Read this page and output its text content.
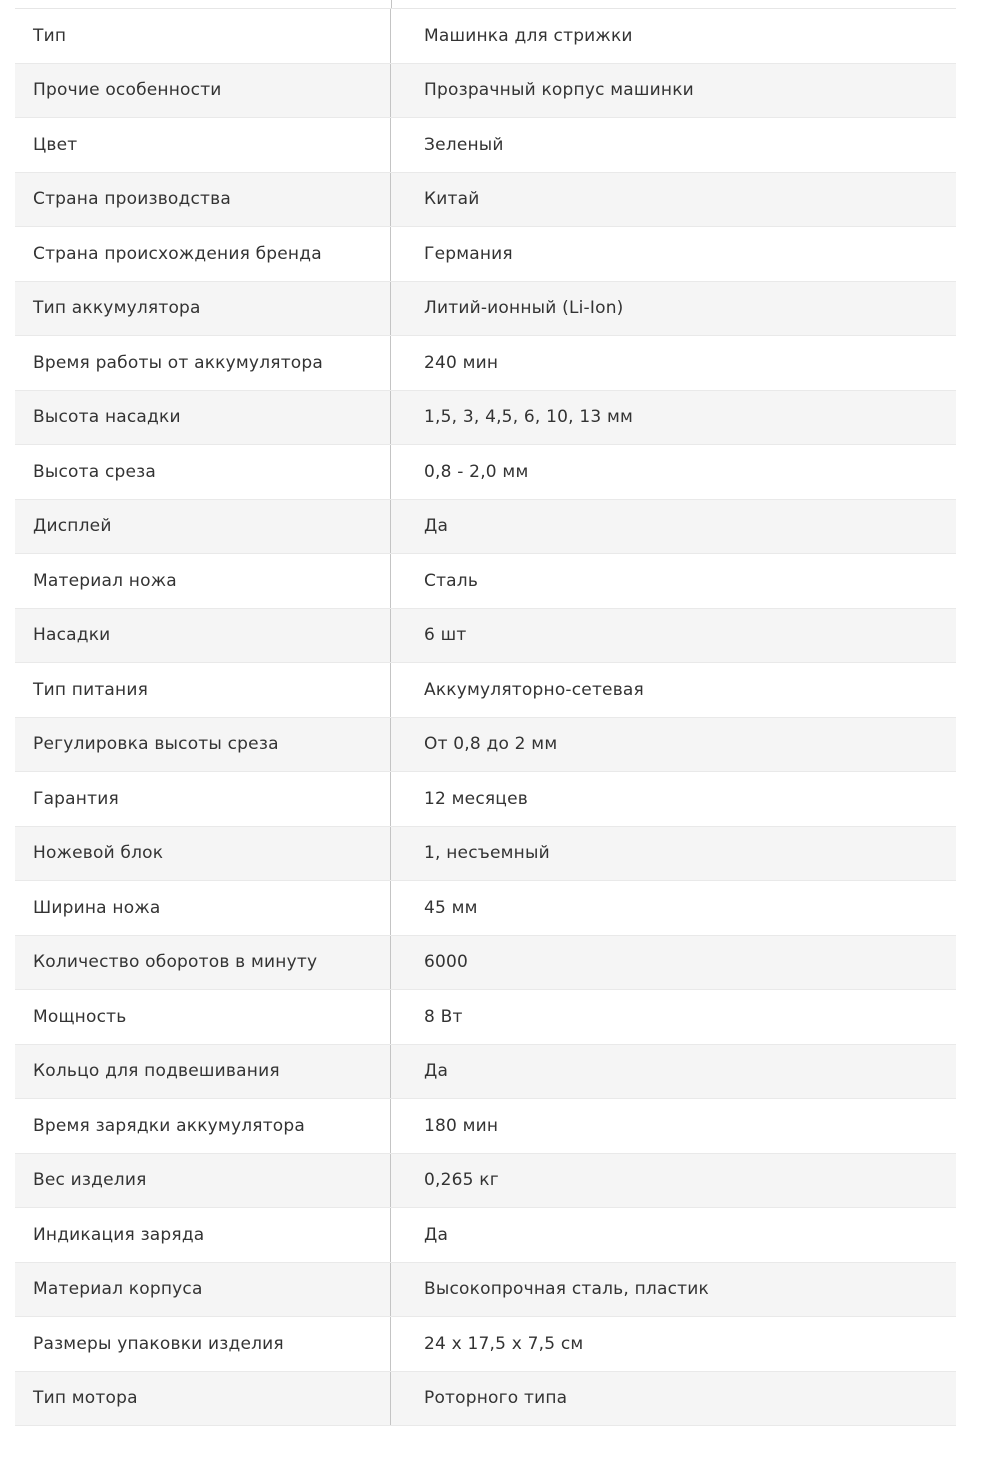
Тип	Машинка для стрижки
Прочие особенности	Прозрачный корпус машинки
Цвет	Зеленый
Страна производства	Китай
Страна происхождения бренда	Германия
Тип аккумулятора	Литий-ионный (Li-Ion)
Время работы от аккумулятора	240 мин
Высота насадки	1,5, 3, 4,5, 6, 10, 13 мм
Высота среза	0,8 - 2,0 мм
Дисплей	Да
Материал ножа	Сталь
Насадки	6 шт
Тип питания	Аккумуляторно-сетевая
Регулировка высоты среза	От 0,8 до 2 мм
Гарантия	12 месяцев
Ножевой блок	1, несъемный
Ширина ножа	45 мм
Количество оборотов в минуту	6000
Мощность	8 Вт
Кольцо для подвешивания	Да
Время зарядки аккумулятора	180 мин
Вес изделия	0,265 кг
Индикация заряда	Да
Материал корпуса	Высокопрочная сталь, пластик
Размеры упаковки изделия	24 х 17,5 х 7,5 см
Тип мотора	Роторного типа
